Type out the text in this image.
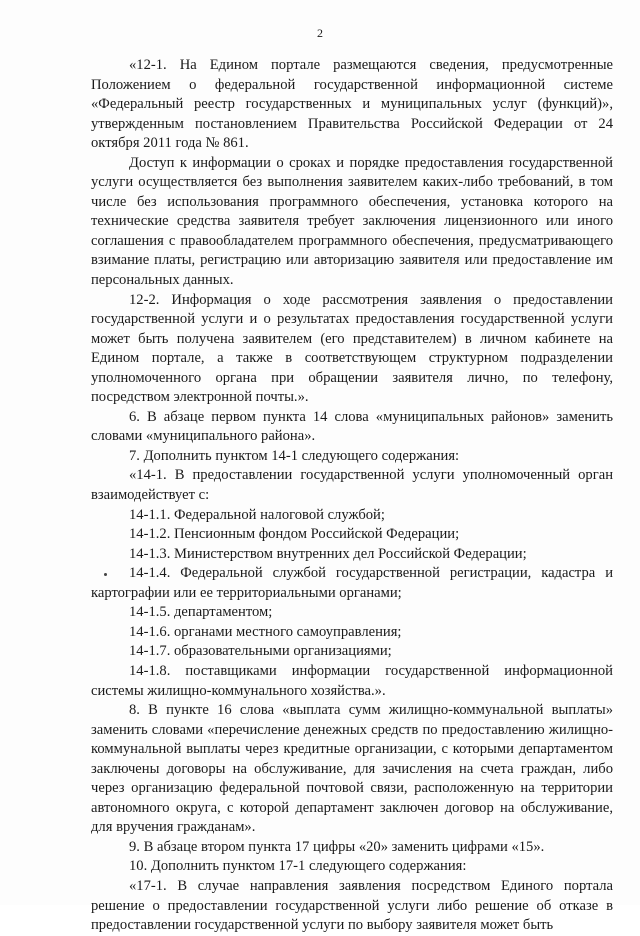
2

«12-1. На Едином портале размещаются сведения, предусмотренные Положением о федеральной государственной информационной системе «Федеральный реестр государственных и муниципальных услуг (функций)», утвержденным постановлением Правительства Российской Федерации от 24 октября 2011 года № 861.

Доступ к информации о сроках и порядке предоставления государственной услуги осуществляется без выполнения заявителем каких-либо требований, в том числе без использования программного обеспечения, установка которого на технические средства заявителя требует заключения лицензионного или иного соглашения с правообладателем программного обеспечения, предусматривающего взимание платы, регистрацию или авторизацию заявителя или предоставление им персональных данных.

12-2. Информация о ходе рассмотрения заявления о предоставлении государственной услуги и о результатах предоставления государственной услуги может быть получена заявителем (его представителем) в личном кабинете на Едином портале, а также в соответствующем структурном подразделении уполномоченного органа при обращении заявителя лично, по телефону, посредством электронной почты.».

6. В абзаце первом пункта 14 слова «муниципальных районов» заменить словами «муниципального района».

7. Дополнить пунктом 14-1 следующего содержания:

«14-1. В предоставлении государственной услуги уполномоченный орган взаимодействует с:

14-1.1. Федеральной налоговой службой;

14-1.2. Пенсионным фондом Российской Федерации;

14-1.3. Министерством внутренних дел Российской Федерации;

14-1.4. Федеральной службой государственной регистрации, кадастра и картографии или ее территориальными органами;

14-1.5. департаментом;

14-1.6. органами местного самоуправления;

14-1.7. образовательными организациями;

14-1.8. поставщиками информации государственной информационной системы жилищно-коммунального хозяйства.».

8. В пункте 16 слова «выплата сумм жилищно-коммунальной выплаты» заменить словами «перечисление денежных средств по предоставлению жилищно-коммунальной выплаты через кредитные организации, с которыми департаментом заключены договоры на обслуживание, для зачисления на счета граждан, либо через организацию федеральной почтовой связи, расположенную на территории автономного округа, с которой департамент заключен договор на обслуживание, для вручения гражданам».

9. В абзаце втором пункта 17 цифры «20» заменить цифрами «15».

10. Дополнить пунктом 17-1 следующего содержания:

«17-1. В случае направления заявления посредством Единого портала решение о предоставлении государственной услуги либо решение об отказе в предоставлении государственной услуги по выбору заявителя может быть
